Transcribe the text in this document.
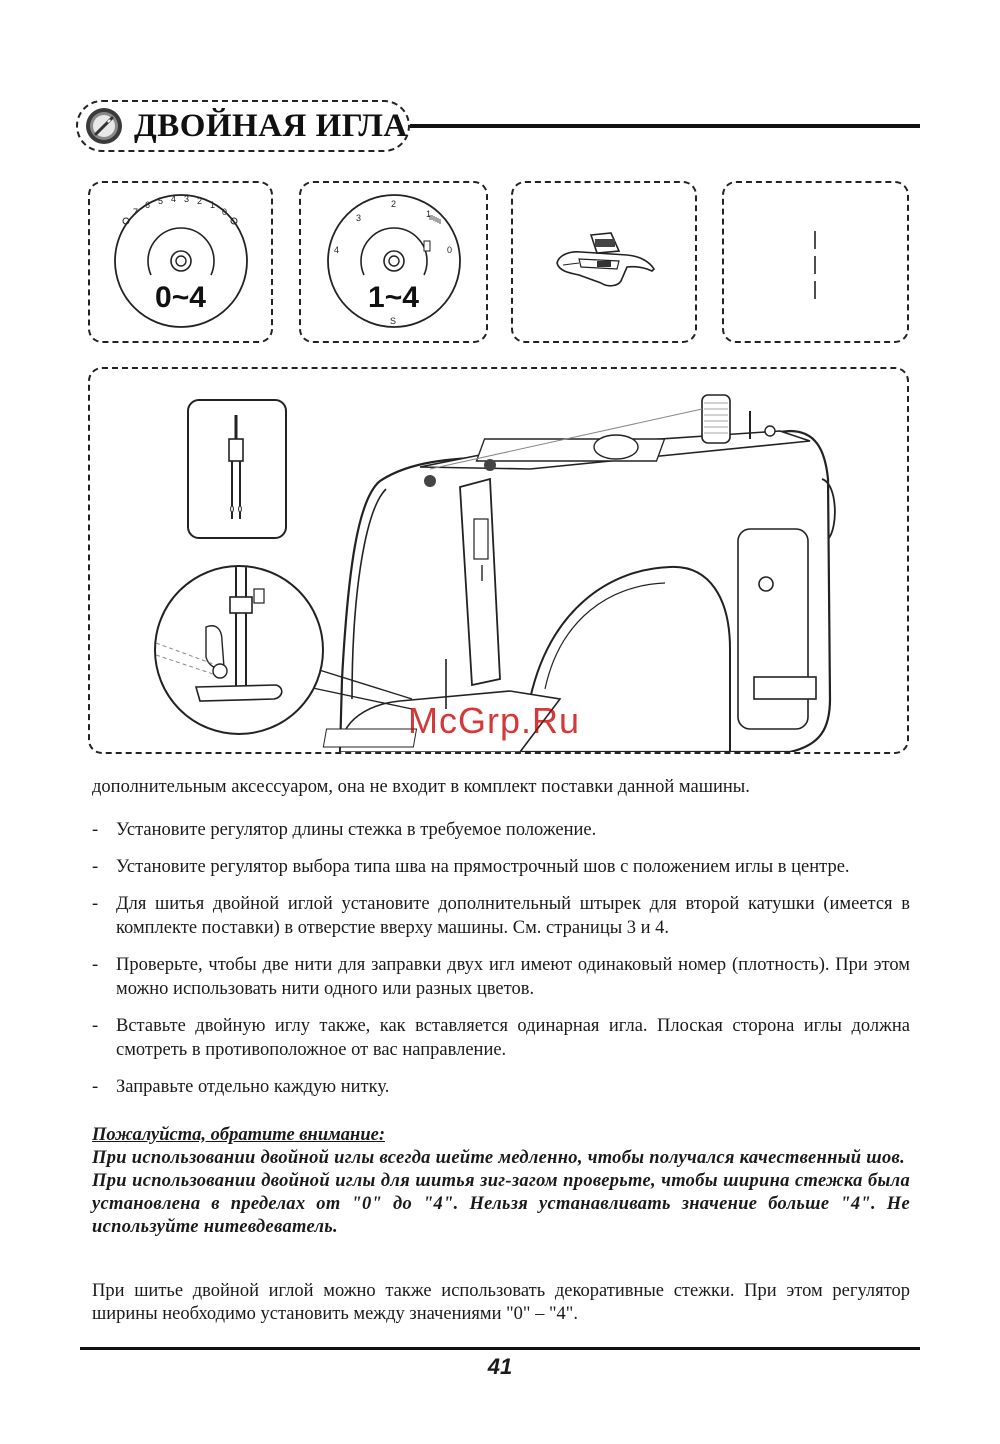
ДВОЙНАЯ ИГЛА
7
6 5 4 3 2 1
0
0~4
4
3
2
1
0
S
1~4
McGrp.Ru
дополнительным аксессуаром, она не входит в комплект поставки данной машины.
- Установите регулятор длины стежка в требуемое положение.
- Установите регулятор выбора типа шва на прямострочный шов с положением иглы в центре.
- Для шитья двойной иглой установите дополнительный штырек для второй катушки (имеется в комплекте поставки) в отверстие вверху машины. См. страницы 3 и 4.
- Проверьте, чтобы две нити для заправки двух игл имеют одинаковый номер (плотность). При этом можно использовать нити одного или разных цветов.
- Вставьте двойную иглу также, как вставляется одинарная игла. Плоская сторона иглы должна смотреть в противоположное от вас направление.
- Заправьте отдельно каждую нитку.
Пожалуйста, обратите внимание:
При использовании двойной иглы всегда шейте медленно, чтобы получался качественный шов.
При использовании двойной иглы для шитья зиг-загом проверьте, чтобы ширина стежка была установлена в пределах от "0" до "4". Нельзя устанавливать значение больше "4". Не используйте нитевдеватель.
При шитье двойной иглой можно также использовать декоративные стежки. При этом регулятор ширины необходимо установить между значениями "0" – "4".
41
